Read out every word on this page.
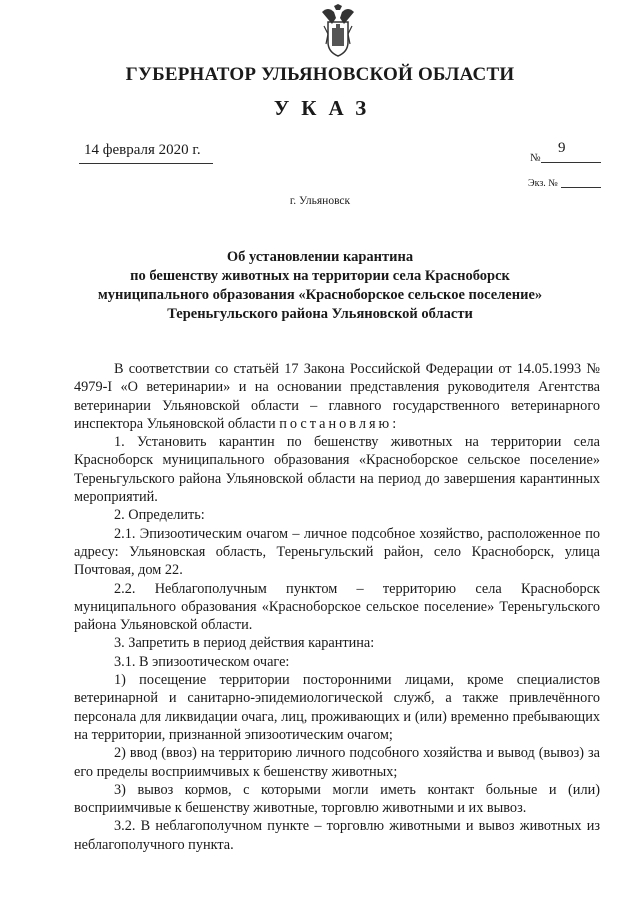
ГУБЕРНАТОР УЛЬЯНОВСКОЙ ОБЛАСТИ
УКАЗ
14 февраля 2020 г.	№
9
Экз. №
г. Ульяновск
Об установлении карантина
по бешенству животных на территории села Красноборск
муниципального образования «Красноборское сельское поселение»
Тереньгульского района Ульяновской области

В соответствии со статьёй 17 Закона Российской Федерации от 14.05.1993 № 4979-I «О ветеринарии» и на основании представления руководителя Агентства ветеринарии Ульяновской области – главного государственного ветеринарного инспектора Ульяновской области постановляю:

1. Установить карантин по бешенству животных на территории села Красноборск муниципального образования «Красноборское сельское поселение» Тереньгульского района Ульяновской области на период до завершения карантинных мероприятий.

2. Определить:

2.1. Эпизоотическим очагом – личное подсобное хозяйство, расположенное по адресу: Ульяновская область, Тереньгульский район, село Красноборск, улица Почтовая, дом 22.

2.2. Неблагополучным пунктом – территорию села Красноборск муниципального образования «Красноборское сельское поселение» Тереньгульского района Ульяновской области.

3. Запретить в период действия карантина:

3.1. В эпизоотическом очаге:

1) посещение территории посторонними лицами, кроме специалистов ветеринарной и санитарно-эпидемиологической служб, а также привлечённого персонала для ликвидации очага, лиц, проживающих и (или) временно пребывающих на территории, признанной эпизоотическим очагом;

2) ввод (ввоз) на территорию личного подсобного хозяйства и вывод (вывоз) за его пределы восприимчивых к бешенству животных;

3) вывоз кормов, с которыми могли иметь контакт больные и (или) восприимчивые к бешенству животные, торговлю животными и их вывоз.

3.2. В неблагополучном пункте – торговлю животными и вывоз животных из неблагополучного пункта.
